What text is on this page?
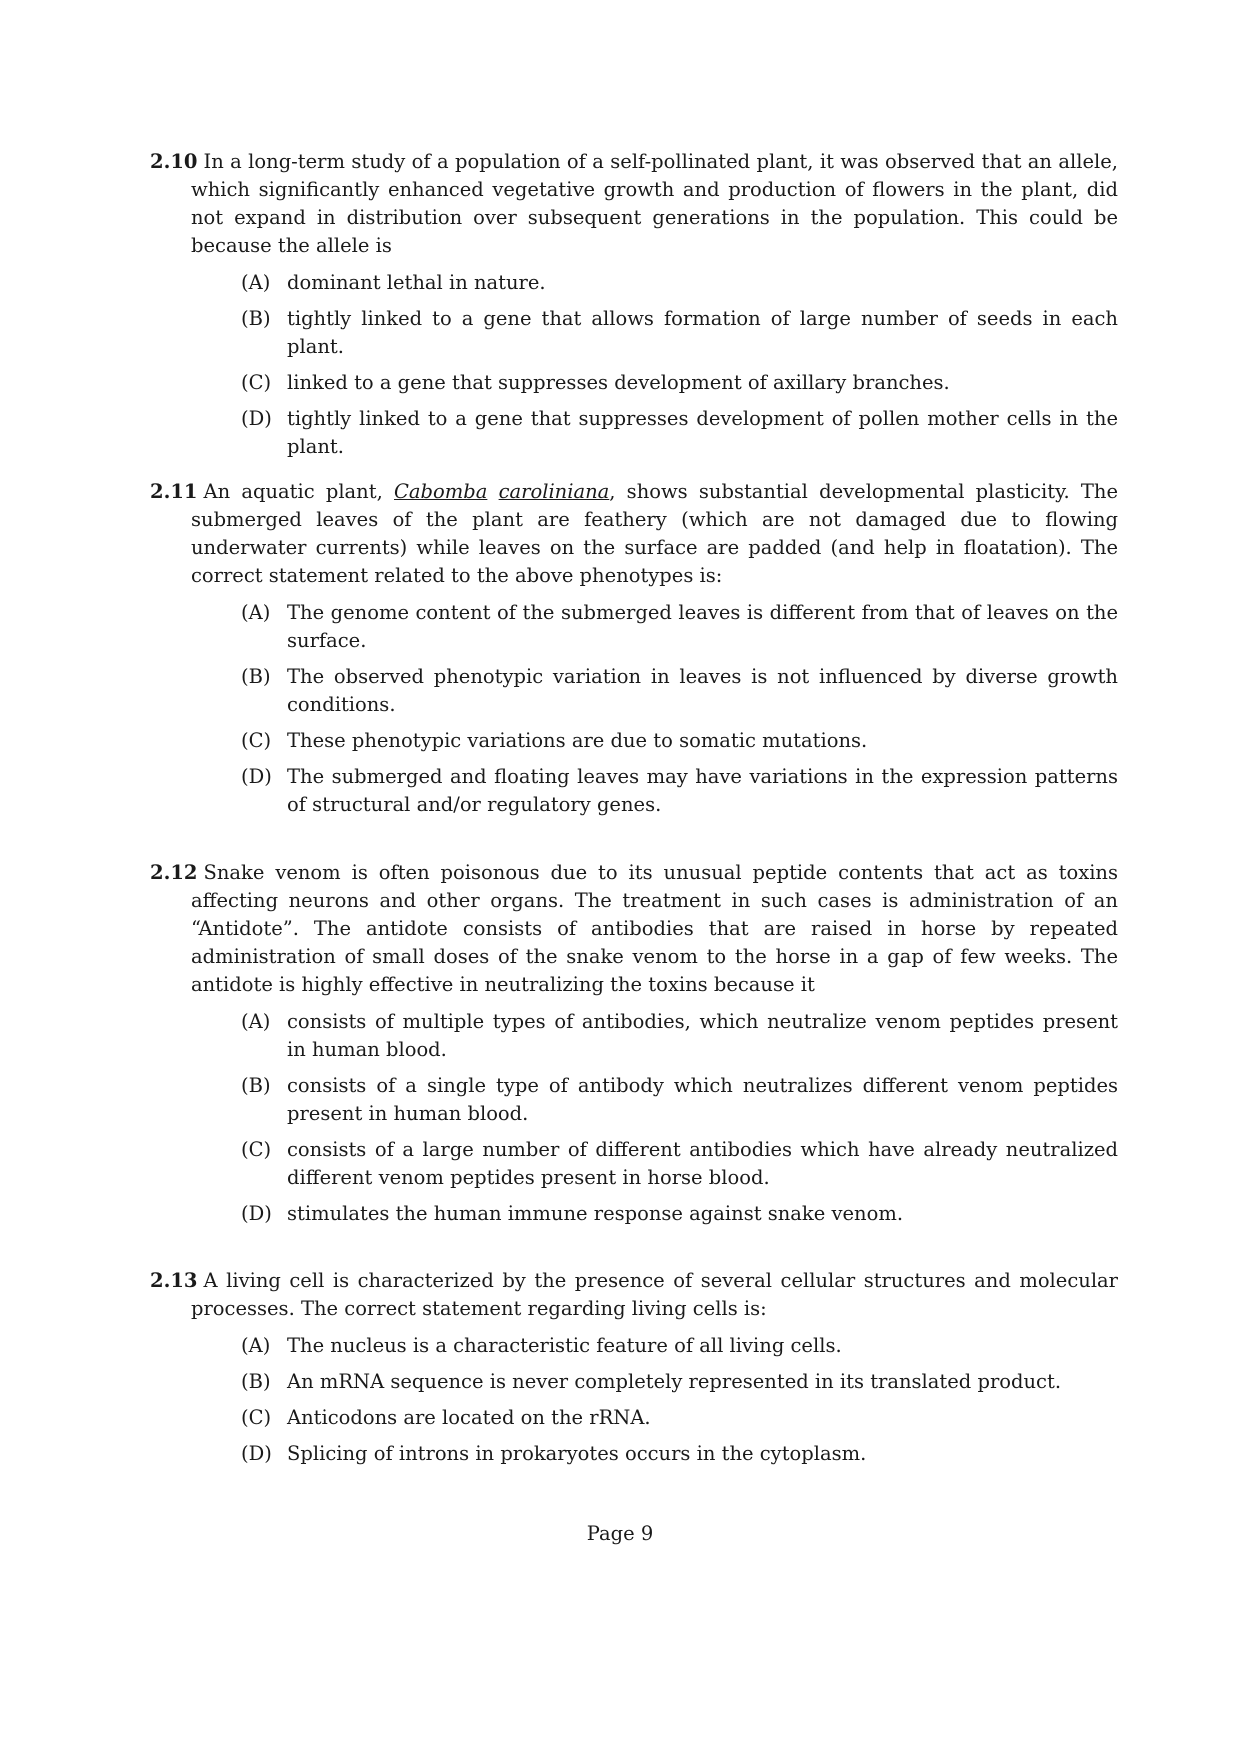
2.10 In a long-term study of a population of a self-pollinated plant, it was observed that an allele, which significantly enhanced vegetative growth and production of flowers in the plant, did not expand in distribution over subsequent generations in the population. This could be because the allele is

(A) dominant lethal in nature.
(B) tightly linked to a gene that allows formation of large number of seeds in each plant.
(C) linked to a gene that suppresses development of axillary branches.
(D) tightly linked to a gene that suppresses development of pollen mother cells in the plant.

2.11 An aquatic plant, Cabomba caroliniana, shows substantial developmental plasticity. The submerged leaves of the plant are feathery (which are not damaged due to flowing underwater currents) while leaves on the surface are padded (and help in floatation). The correct statement related to the above phenotypes is:

(A) The genome content of the submerged leaves is different from that of leaves on the surface.
(B) The observed phenotypic variation in leaves is not influenced by diverse growth conditions.
(C) These phenotypic variations are due to somatic mutations.
(D) The submerged and floating leaves may have variations in the expression patterns of structural and/or regulatory genes.

2.12 Snake venom is often poisonous due to its unusual peptide contents that act as toxins affecting neurons and other organs. The treatment in such cases is administration of an “Antidote”. The antidote consists of antibodies that are raised in horse by repeated administration of small doses of the snake venom to the horse in a gap of few weeks. The antidote is highly effective in neutralizing the toxins because it

(A) consists of multiple types of antibodies, which neutralize venom peptides present in human blood.
(B) consists of a single type of antibody which neutralizes different venom peptides present in human blood.
(C) consists of a large number of different antibodies which have already neutralized different venom peptides present in horse blood.
(D) stimulates the human immune response against snake venom.

2.13 A living cell is characterized by the presence of several cellular structures and molecular processes. The correct statement regarding living cells is:

(A) The nucleus is a characteristic feature of all living cells.
(B) An mRNA sequence is never completely represented in its translated product.
(C) Anticodons are located on the rRNA.
(D) Splicing of introns in prokaryotes occurs in the cytoplasm.
Page 9
